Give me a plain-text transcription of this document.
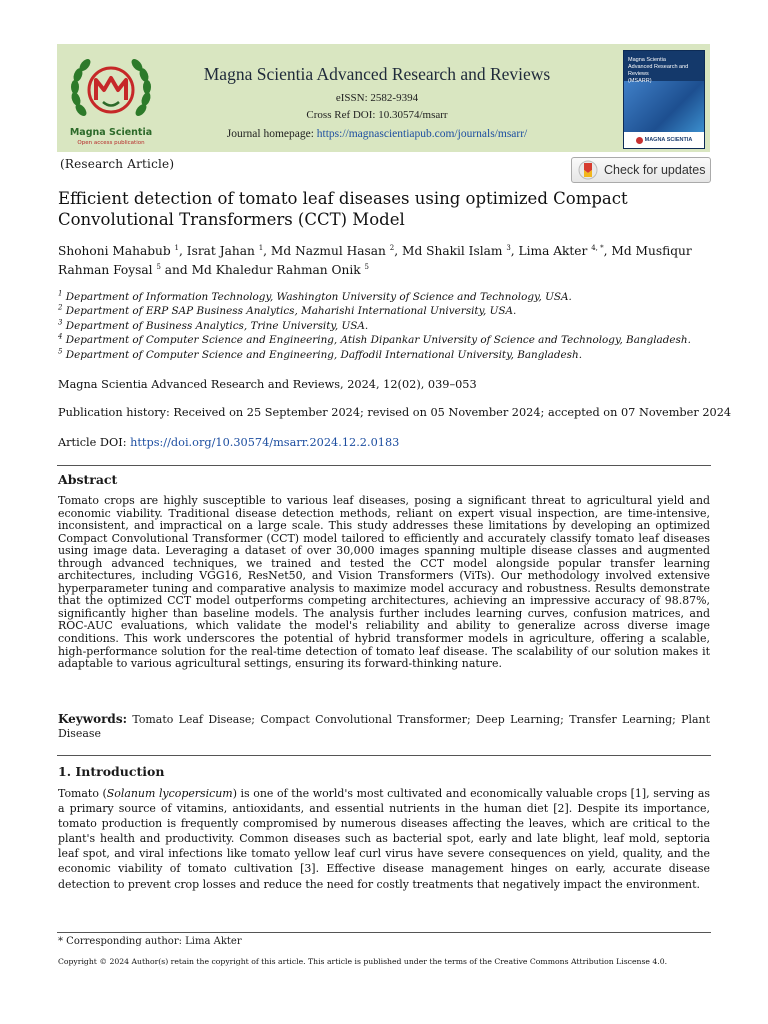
Magna Scientia
Open access publication
Magna Scientia Advanced Research and Reviews
eISSN: 2582-9394
Cross Ref DOI: 10.30574/msarr
Journal homepage: https://magnascientiapub.com/journals/msarr/
Magna Scientia
Advanced Research and Reviews
(MSARR)
MAGNA SCIENTIA
(Research Article)	Check for updates
Efficient detection of tomato leaf diseases using optimized Compact Convolutional Transformers (CCT) Model
Shohoni Mahabub $^1$, Israt Jahan $^1$, Md Nazmul Hasan $^2$, Md Shakil Islam $^3$, Lima Akter $^{4, *}$, Md Musfiqur Rahman Foysal $^5$ and Md Khaledur Rahman Onik $^5$
$^1$ Department of Information Technology, Washington University of Science and Technology, USA.
$^2$ Department of ERP SAP Business Analytics, Maharishi International University, USA.
$^3$ Department of Business Analytics, Trine University, USA.
$^4$ Department of Computer Science and Engineering, Atish Dipankar University of Science and Technology, Bangladesh.
$^5$ Department of Computer Science and Engineering, Daffodil International University, Bangladesh.
Magna Scientia Advanced Research and Reviews, 2024, 12(02), 039–053
Publication history: Received on 25 September 2024; revised on 05 November 2024; accepted on 07 November 2024
Article DOI: https://doi.org/10.30574/msarr.2024.12.2.0183
Abstract

Tomato crops are highly susceptible to various leaf diseases, posing a significant threat to agricultural yield and economic viability. Traditional disease detection methods, reliant on expert visual inspection, are time-intensive, inconsistent, and impractical on a large scale. This study addresses these limitations by developing an optimized Compact Convolutional Transformer (CCT) model tailored to efficiently and accurately classify tomato leaf diseases using image data. Leveraging a dataset of over 30,000 images spanning multiple disease classes and augmented through advanced techniques, we trained and tested the CCT model alongside popular transfer learning architectures, including VGG16, ResNet50, and Vision Transformers (ViTs). Our methodology involved extensive hyperparameter tuning and comparative analysis to maximize model accuracy and robustness. Results demonstrate that the optimized CCT model outperforms competing architectures, achieving an impressive accuracy of 98.87%, significantly higher than baseline models. The analysis further includes learning curves, confusion matrices, and ROC-AUC evaluations, which validate the model's reliability and ability to generalize across diverse image conditions. This work underscores the potential of hybrid transformer models in agriculture, offering a scalable, high-performance solution for the real-time detection of tomato leaf disease. The scalability of our solution makes it adaptable to various agricultural settings, ensuring its forward-thinking nature.

Keywords: Tomato Leaf Disease; Compact Convolutional Transformer; Deep Learning; Transfer Learning; Plant Disease
1. Introduction

Tomato (Solanum lycopersicum) is one of the world's most cultivated and economically valuable crops [1], serving as a primary source of vitamins, antioxidants, and essential nutrients in the human diet [2]. Despite its importance, tomato production is frequently compromised by numerous diseases affecting the leaves, which are critical to the plant's health and productivity. Common diseases such as bacterial spot, early and late blight, leaf mold, septoria leaf spot, and viral infections like tomato yellow leaf curl virus have severe consequences on yield, quality, and the economic viability of tomato cultivation [3]. Effective disease management hinges on early, accurate disease detection to prevent crop losses and reduce the need for costly treatments that negatively impact the environment.

* Corresponding author: Lima Akter
Copyright © 2024 Author(s) retain the copyright of this article. This article is published under the terms of the Creative Commons Attribution Liscense 4.0.
